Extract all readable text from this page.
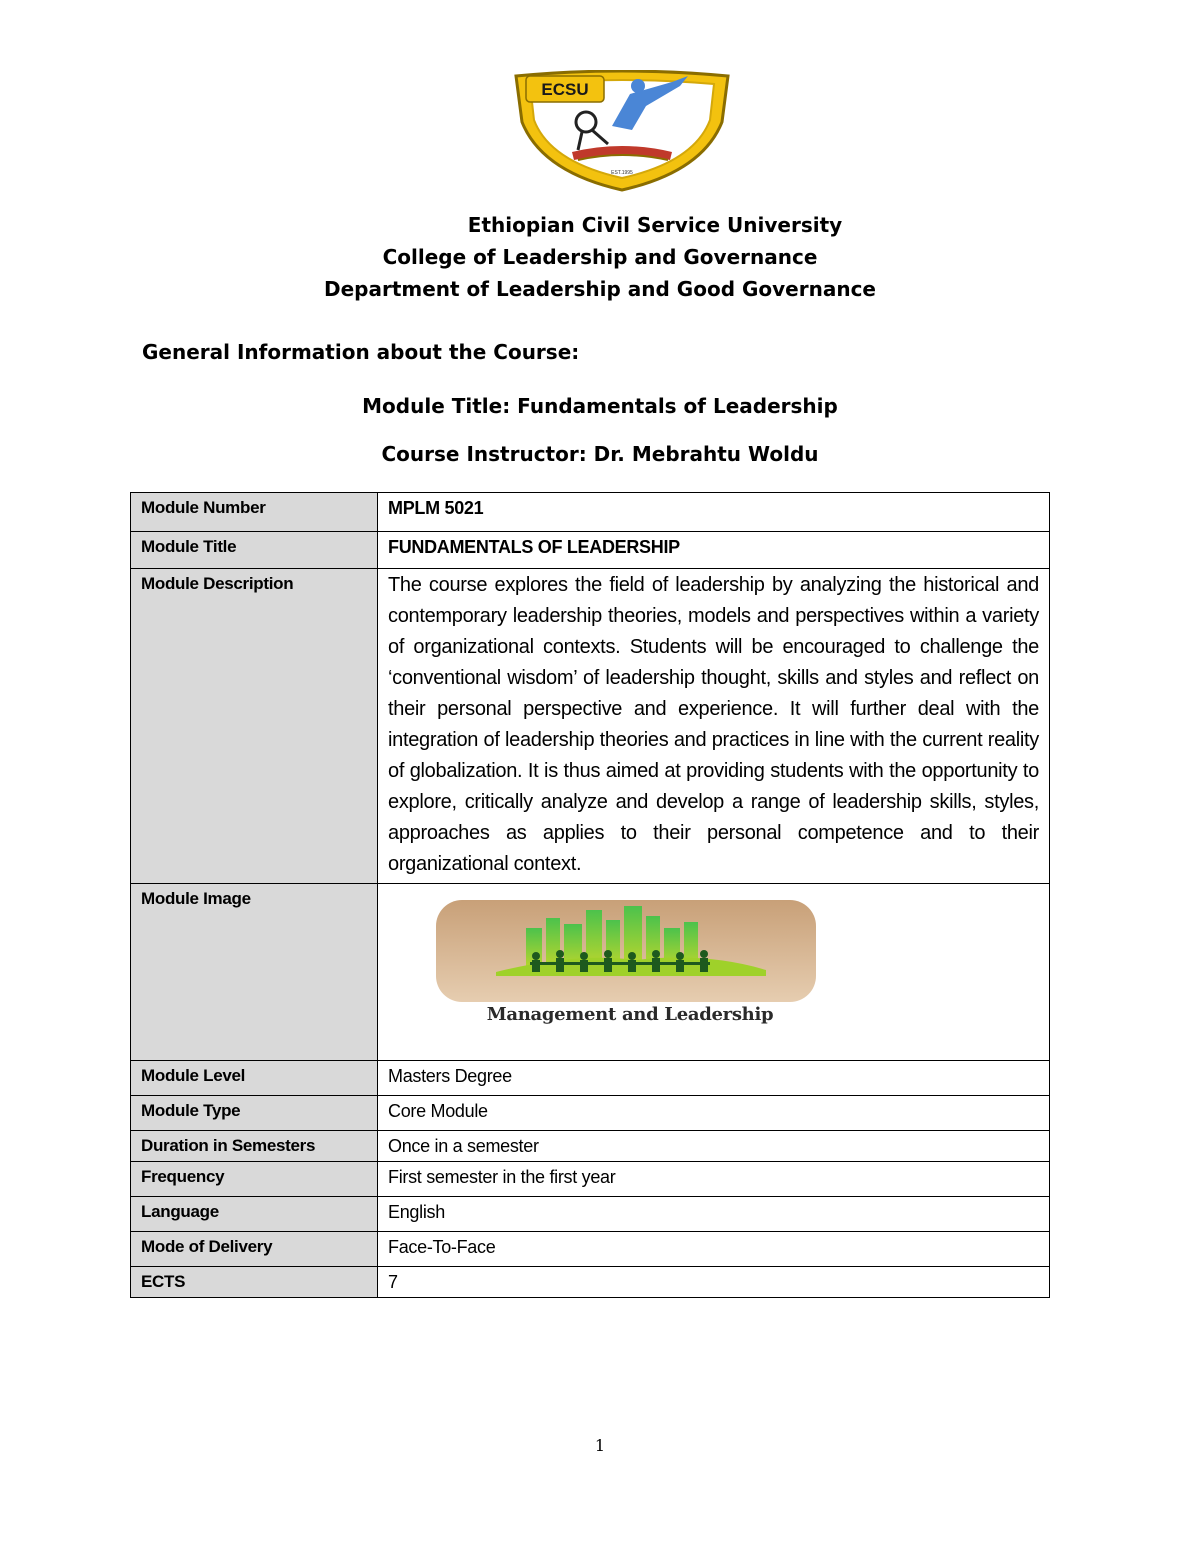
ECSU
EST.1995
Ethiopian Civil Service University
College of Leadership and Governance
Department of Leadership and Good Governance
General Information about the Course:
Module Title: Fundamentals of Leadership
Course Instructor: Dr. Mebrahtu Woldu
Module Number	MPLM 5021
Module Title	FUNDAMENTALS OF LEADERSHIP
Module Description	The course explores the field of leadership by analyzing the historical and contemporary leadership theories, models and perspectives within a variety of organizational contexts. Students will be encouraged to challenge the ‘conventional wisdom’ of leadership thought, skills and styles and reflect on their personal perspective and experience. It will further deal with the integration of leadership theories and practices in line with the current reality of globalization. It is thus aimed at providing students with the opportunity to explore, critically analyze and develop a range of leadership skills, styles, approaches as applies to their personal competence and to their organizational context.
Module Image	Management and Leadership

Module Level	Masters Degree
Module Type	Core Module
Duration in Semesters	Once in a semester
Frequency	First semester in the first year
Language	English
Mode of Delivery	Face-To-Face
ECTS	7
1
